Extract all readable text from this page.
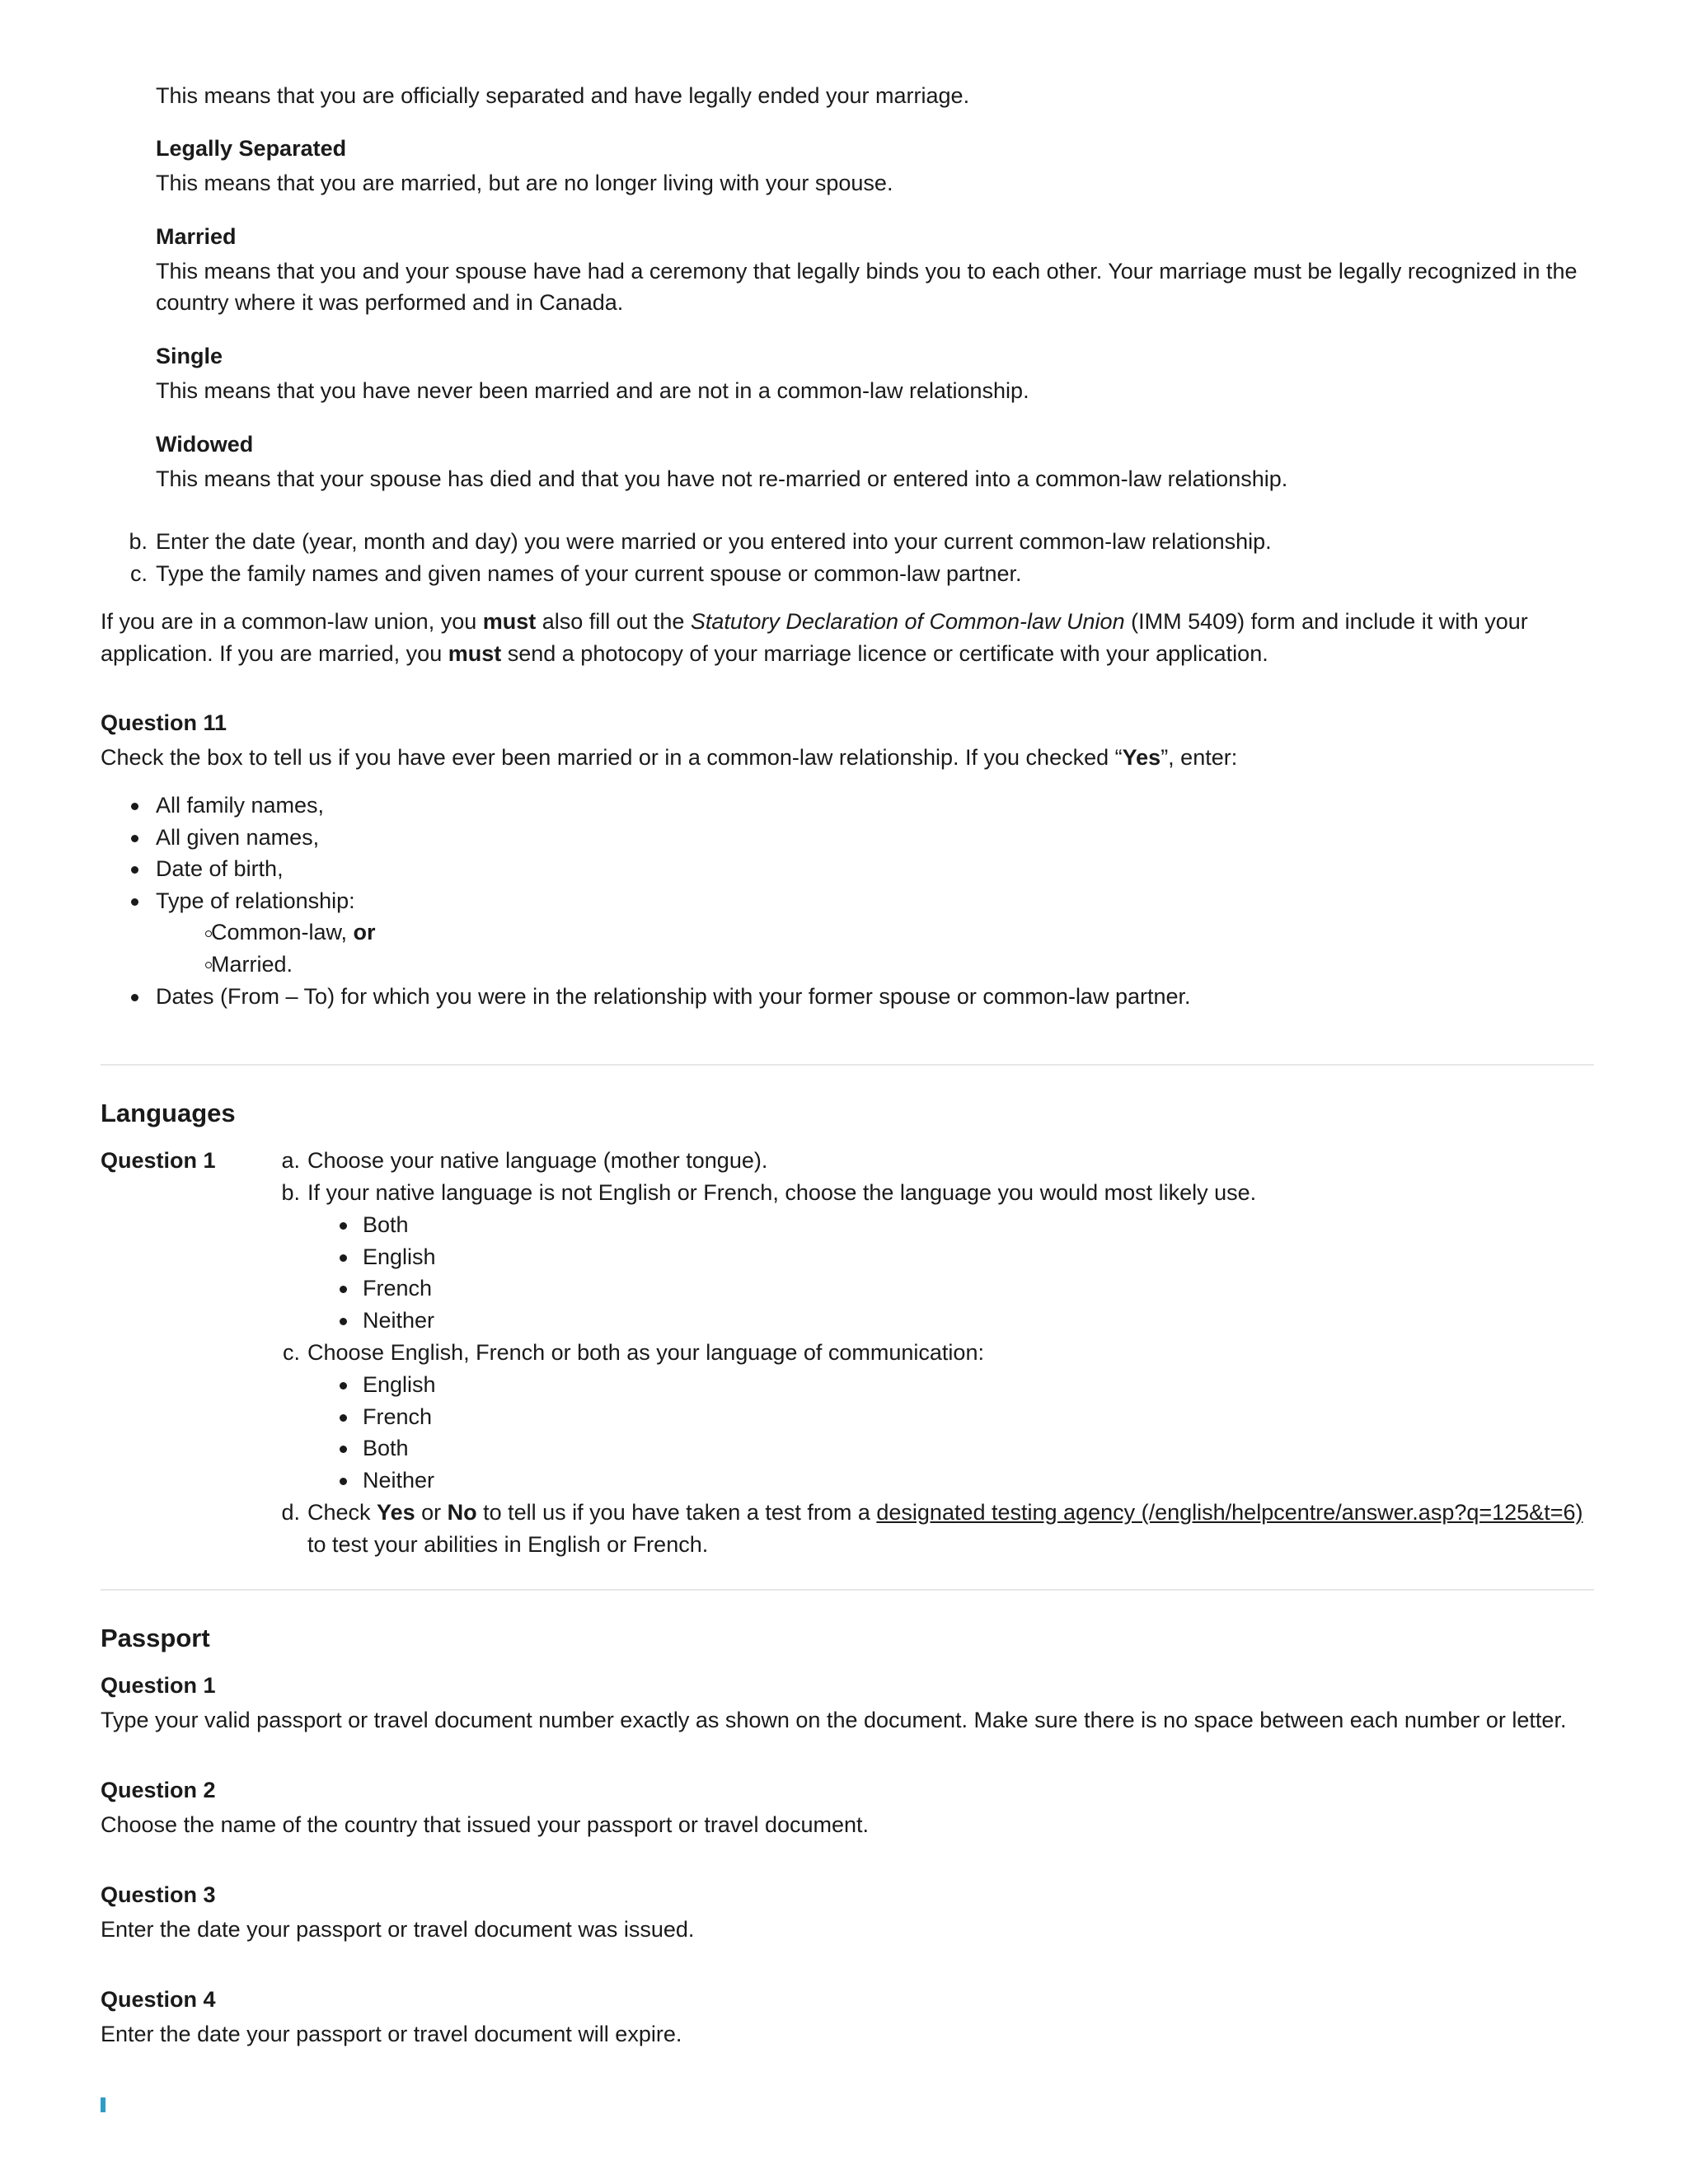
This means that you are officially separated and have legally ended your marriage.
Legally Separated
This means that you are married, but are no longer living with your spouse.
Married
This means that you and your spouse have had a ceremony that legally binds you to each other. Your marriage must be legally recognized in the
country where it was performed and in Canada.
Single
This means that you have never been married and are not in a common-law relationship.
Widowed
This means that your spouse has died and that you have not re-married or entered into a common-law relationship.
b. Enter the date (year, month and day) you were married or you entered into your current common-law relationship.
c. Type the family names and given names of your current spouse or common-law partner.
If you are in a common-law union, you must also fill out the Statutory Declaration of Common-law Union (IMM 5409) form and include it with your
application. If you are married, you must send a photocopy of your marriage licence or certificate with your application.
Question 11
Check the box to tell us if you have ever been married or in a common-law relationship. If you checked “Yes”, enter:
All family names,
All given names,
Date of birth,
Type of relationship:
Common-law, or
Married.
Dates (From – To) for which you were in the relationship with your former spouse or common-law partner.
Languages
Question 1	a. Choose your native language (mother tongue).
b. If your native language is not English or French, choose the language you would most likely use.
Both
English
French
Neither
c. Choose English, French or both as your language of communication:
English
French
Both
Neither
d. Check Yes or No to tell us if you have taken a test from a designated testing agency (/english/helpcentre/answer.asp?q=125&t=6)
to test your abilities in English or French.
Passport
Question 1
Type your valid passport or travel document number exactly as shown on the document. Make sure there is no space between each number or letter.
Question 2
Choose the name of the country that issued your passport or travel document.
Question 3
Enter the date your passport or travel document was issued.
Question 4
Enter the date your passport or travel document will expire.
